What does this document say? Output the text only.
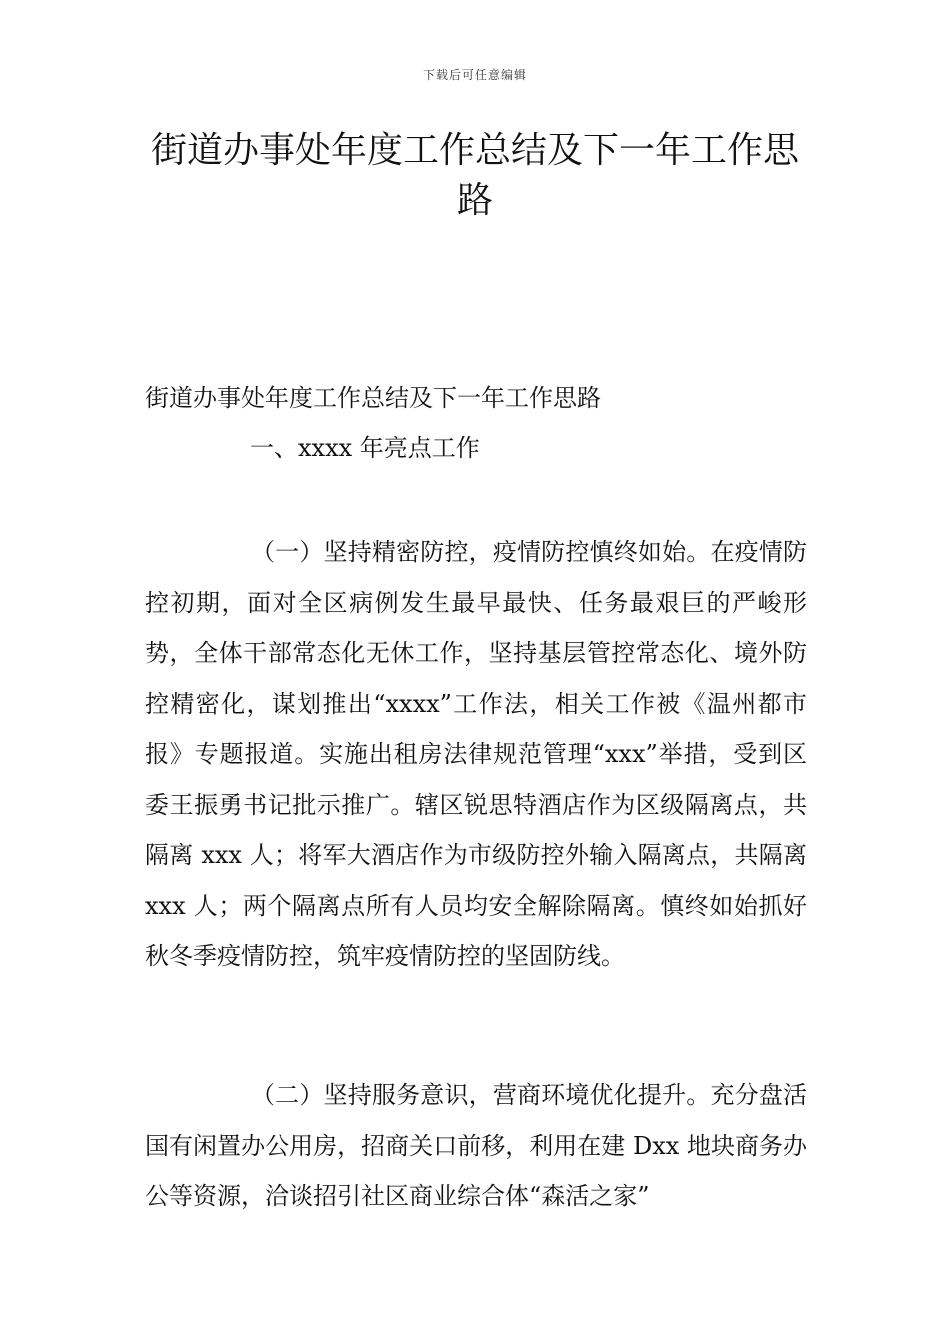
下载后可任意编辑
街道办事处年度工作总结及下一年工作思路
街道办事处年度工作总结及下一年工作思路
一、xxxx 年亮点工作

（一）坚持精密防控，疫情防控慎终如始。在疫情防控初期，面对全区病例发生最早最快、任务最艰巨的严峻形势，全体干部常态化无休工作，坚持基层管控常态化、境外防控精密化，谋划推出“xxxx”工作法，相关工作被《温州都市报》专题报道。实施出租房法律规范管理“xxx”举措，受到区委王振勇书记批示推广。辖区锐思特酒店作为区级隔离点，共隔离 xxx 人；将军大酒店作为市级防控外输入隔离点，共隔离 xxx 人；两个隔离点所有人员均安全解除隔离。慎终如始抓好秋冬季疫情防控，筑牢疫情防控的坚固防线。

（二）坚持服务意识，营商环境优化提升。充分盘活国有闲置办公用房，招商关口前移，利用在建 Dxx 地块商务办公等资源，洽谈招引社区商业综合体“森活之家”
